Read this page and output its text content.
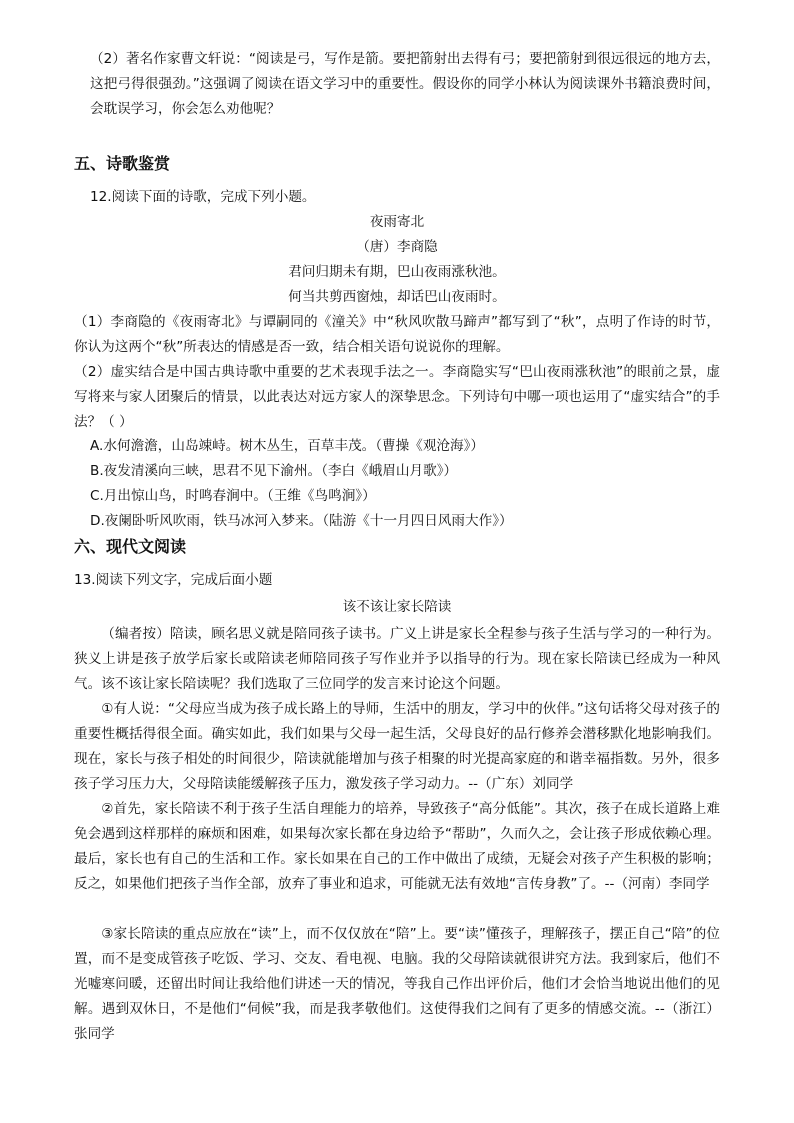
（2）著名作家曹文轩说：“阅读是弓，写作是箭。要把箭射出去得有弓；要把箭射到很远很远的地方去，这把弓得很强劲。”这强调了阅读在语文学习中的重要性。假设你的同学小林认为阅读课外书籍浪费时间，会耽误学习，你会怎么劝他呢？
五、诗歌鉴赏
12.阅读下面的诗歌，完成下列小题。
夜雨寄北
（唐）李商隐
君问归期未有期，巴山夜雨涨秋池。
何当共剪西窗烛，却话巴山夜雨时。
（1）李商隐的《夜雨寄北》与谭嗣同的《潼关》中“秋风吹散马蹄声”都写到了“秋”，点明了作诗的时节，你认为这两个“秋”所表达的情感是否一致，结合相关语句说说你的理解。
（2）虚实结合是中国古典诗歌中重要的艺术表现手法之一。李商隐实写“巴山夜雨涨秋池”的眼前之景，虚写将来与家人团聚后的情景，以此表达对远方家人的深挚思念。下列诗句中哪一项也运用了“虚实结合”的手法？（ ）
A.水何澹澹，山岛竦峙。树木丛生，百草丰茂。（曹操《观沧海》）
B.夜发清溪向三峡，思君不见下渝州。（李白《峨眉山月歌》）
C.月出惊山鸟，时鸣春涧中。（王维《鸟鸣涧》）
D.夜阑卧听风吹雨，铁马冰河入梦来。（陆游《十一月四日风雨大作》）
六、现代文阅读
13.阅读下列文字，完成后面小题
该不该让家长陪读
（编者按）陪读，顾名思义就是陪同孩子读书。广义上讲是家长全程参与孩子生活与学习的一种行为。狭义上讲是孩子放学后家长或陪读老师陪同孩子写作业并予以指导的行为。现在家长陪读已经成为一种风气。该不该让家长陪读呢？我们选取了三位同学的发言来讨论这个问题。
①有人说：“父母应当成为孩子成长路上的导师，生活中的朋友，学习中的伙伴。”这句话将父母对孩子的重要性概括得很全面。确实如此，我们如果与父母一起生活，父母良好的品行修养会潜移默化地影响我们。现在，家长与孩子相处的时间很少，陪读就能增加与孩子相聚的时光提高家庭的和谐幸福指数。另外，很多孩子学习压力大，父母陪读能缓解孩子压力，激发孩子学习动力。--（广东）刘同学
②首先，家长陪读不利于孩子生活自理能力的培养，导致孩子“高分低能”。其次，孩子在成长道路上难免会遇到这样那样的麻烦和困难，如果每次家长都在身边给予“帮助”，久而久之，会让孩子形成依赖心理。最后，家长也有自己的生活和工作。家长如果在自己的工作中做出了成绩，无疑会对孩子产生积极的影响；反之，如果他们把孩子当作全部，放弃了事业和追求，可能就无法有效地“言传身教”了。--（河南）李同学
③家长陪读的重点应放在“读”上，而不仅仅放在“陪”上。要“读”懂孩子，理解孩子，摆正自己“陪”的位置，而不是变成管孩子吃饭、学习、交友、看电视、电脑。我的父母陪读就很讲究方法。我到家后，他们不光嘘寒问暖，还留出时间让我给他们讲述一天的情况，等我自己作出评价后，他们才会恰当地说出他们的见解。遇到双休日，不是他们“伺候”我，而是我孝敬他们。这使得我们之间有了更多的情感交流。--（浙江）张同学
